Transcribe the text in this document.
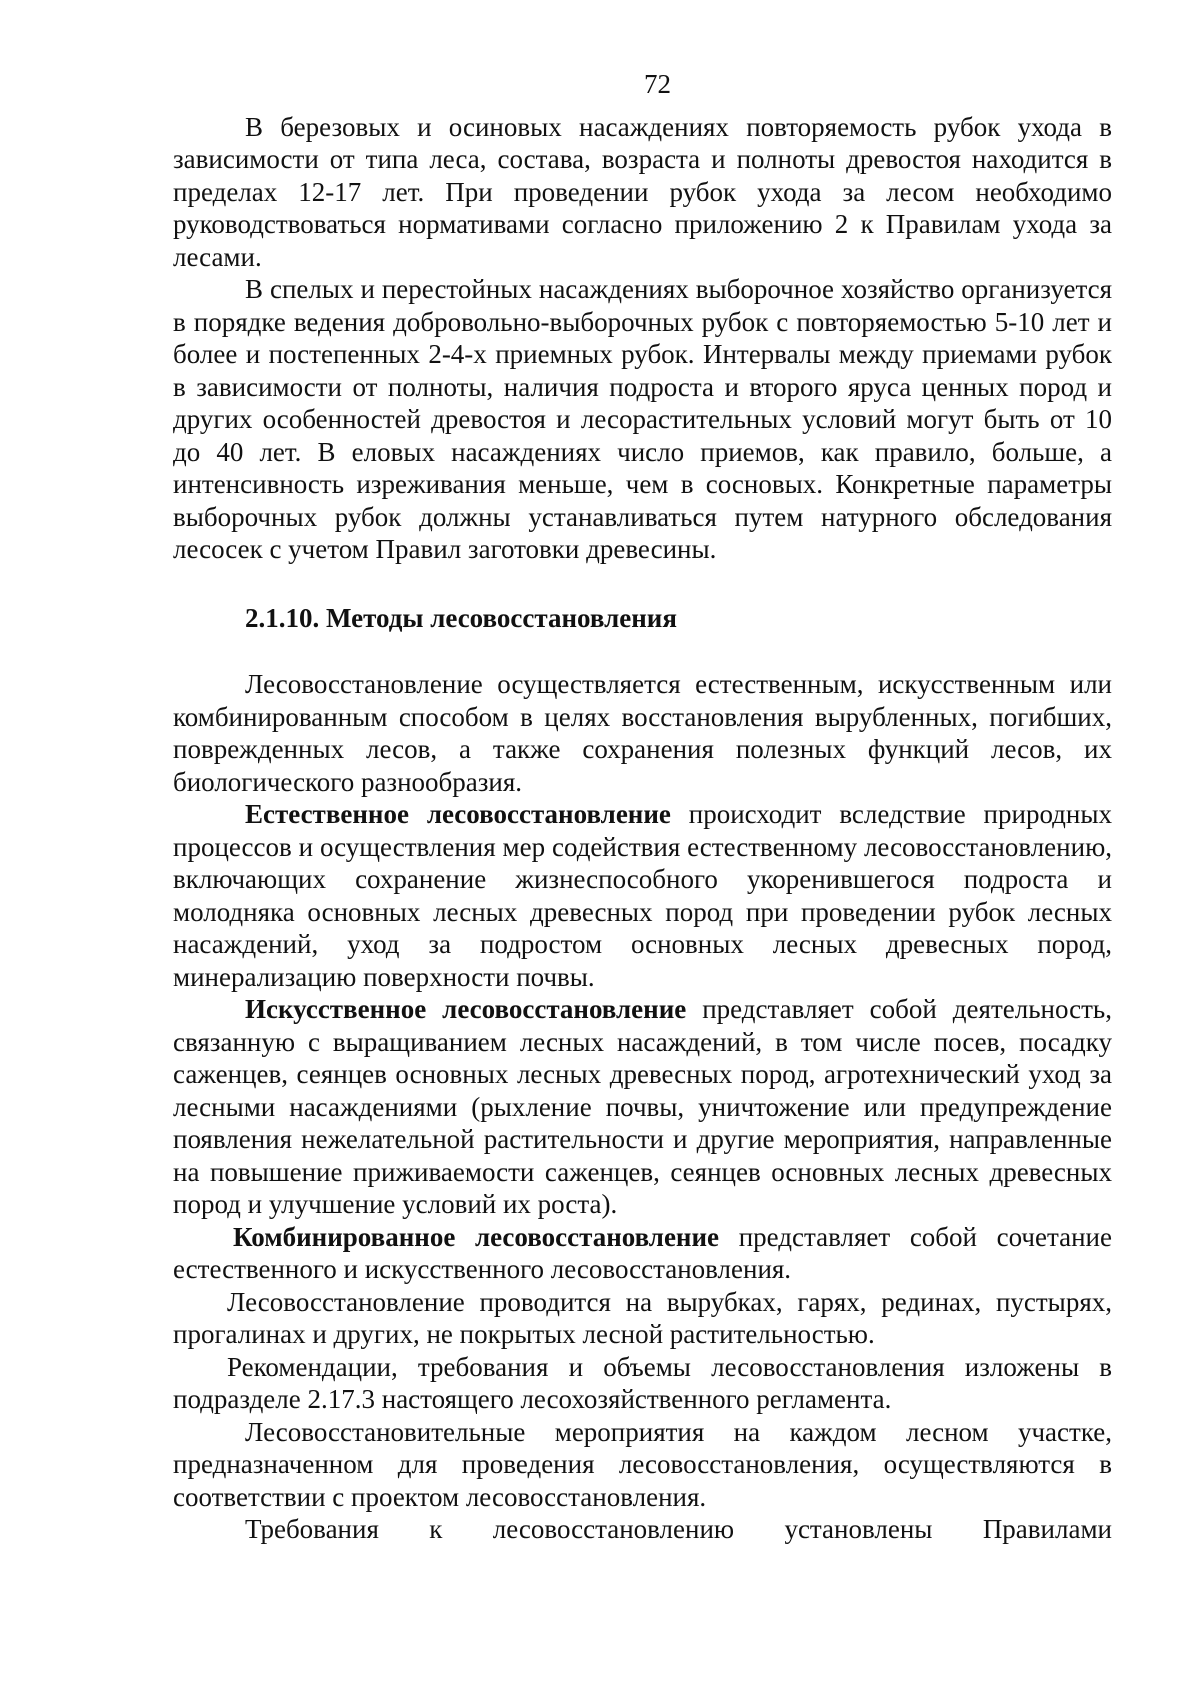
72

В березовых и осиновых насаждениях повторяемость рубок ухода в зависимости от типа леса, состава, возраста и полноты древостоя находится в пределах 12-17 лет. При проведении рубок ухода за лесом необходимо руководствоваться нормативами согласно приложению 2 к Правилам ухода за лесами.

В спелых и перестойных насаждениях выборочное хозяйство организуется в порядке ведения добровольно-выборочных рубок с повторяемостью 5-10 лет и более и постепенных 2-4-х приемных рубок. Интервалы между приемами рубок в зависимости от полноты, наличия подроста и второго яруса ценных пород и других особенностей древостоя и лесорастительных условий могут быть от 10 до 40 лет. В еловых насаждениях число приемов, как правило, больше, а интенсивность изреживания меньше, чем в сосновых. Конкретные параметры выборочных рубок должны устанавливаться путем натурного обследования лесосек с учетом Правил заготовки древесины.

2.1.10. Методы лесовосстановления

Лесовосстановление осуществляется естественным, искусственным или комбинированным способом в целях восстановления вырубленных, погибших, поврежденных лесов, а также сохранения полезных функций лесов, их биологического разнообразия.

Естественное лесовосстановление происходит вследствие природных процессов и осуществления мер содействия естественному лесовосстановлению, включающих сохранение жизнеспособного укоренившегося подроста и молодняка основных лесных древесных пород при проведении рубок лесных насаждений, уход за подростом основных лесных древесных пород, минерализацию поверхности почвы.

Искусственное лесовосстановление представляет собой деятельность, связанную с выращиванием лесных насаждений, в том числе посев, посадку саженцев, сеянцев основных лесных древесных пород, агротехнический уход за лесными насаждениями (рыхление почвы, уничтожение или предупреждение появления нежелательной растительности и другие мероприятия, направленные на повышение приживаемости саженцев, сеянцев основных лесных древесных пород и улучшение условий их роста).

Комбинированное лесовосстановление представляет собой сочетание естественного и искусственного лесовосстановления.

Лесовосстановление проводится на вырубках, гарях, рединах, пустырях, прогалинах и других, не покрытых лесной растительностью.

Рекомендации, требования и объемы лесовосстановления изложены в подразделе 2.17.3 настоящего лесохозяйственного регламента.

Лесовосстановительные мероприятия на каждом лесном участке, предназначенном для проведения лесовосстановления, осуществляются в соответствии с проектом лесовосстановления.

Требования к лесовосстановлению установлены Правилами
